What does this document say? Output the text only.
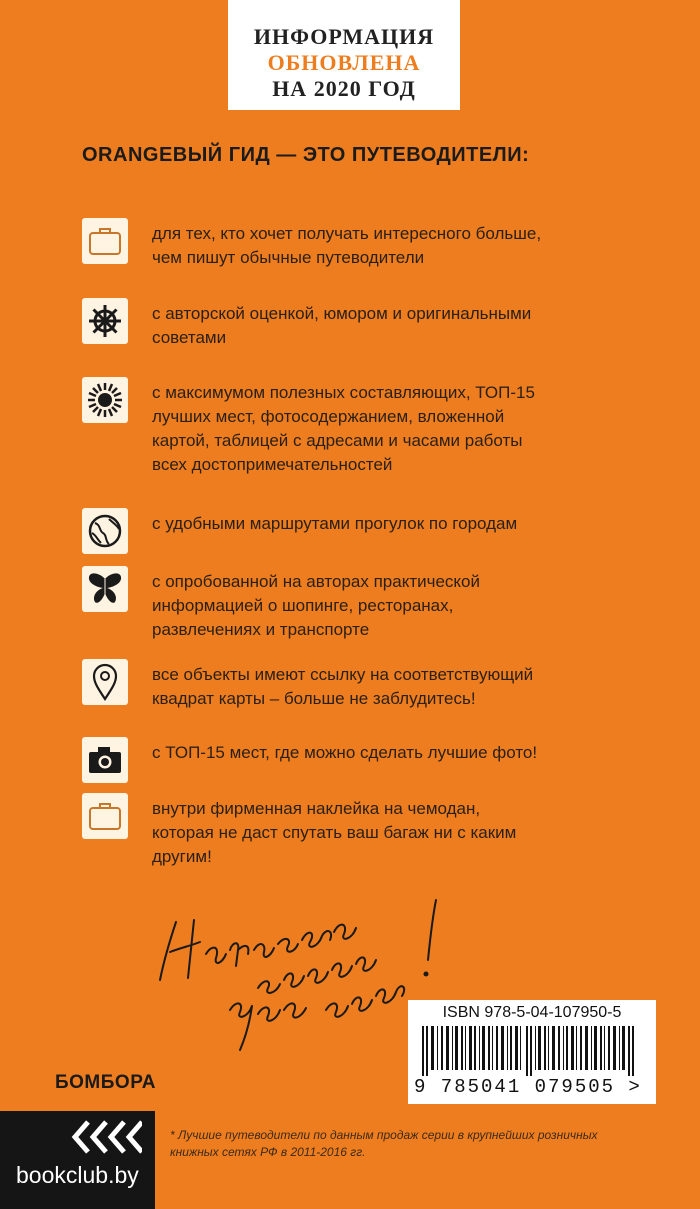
ИНФОРМАЦИЯ
ОБНОВЛЕНА
НА 2020 ГОД
ORANGEВЫЙ ГИД — ЭТО ПУТЕВОДИТЕЛИ:
для тех, кто хочет получать интересного больше,
чем пишут обычные путеводители
с авторской оценкой, юмором и оригинальными
советами
с максимумом полезных составляющих, ТОП-15
лучших мест, фотосодержанием, вложенной
картой, таблицей с адресами и часами работы
всех достопримечательностей
с удобными маршрутами прогулок по городам
с опробованной на авторах практической
информацией о шопинге, ресторанах,
развлечениях и транспорте
все объекты имеют ссылку на соответствующий
квадрат карты – больше не заблудитесь!
с ТОП-15 мест, где можно сделать лучшие фото!
внутри фирменная наклейка на чемодан,
которая не даст спутать ваш багаж ни с каким
другим!
ISBN 978-5-04-107950-5
9 785041 079505 >
БОМБОРА
bookclub.by
* Лучшие путеводители по данным продаж серии в крупнейших розничных книжных сетях РФ в 2011-2016 гг.
